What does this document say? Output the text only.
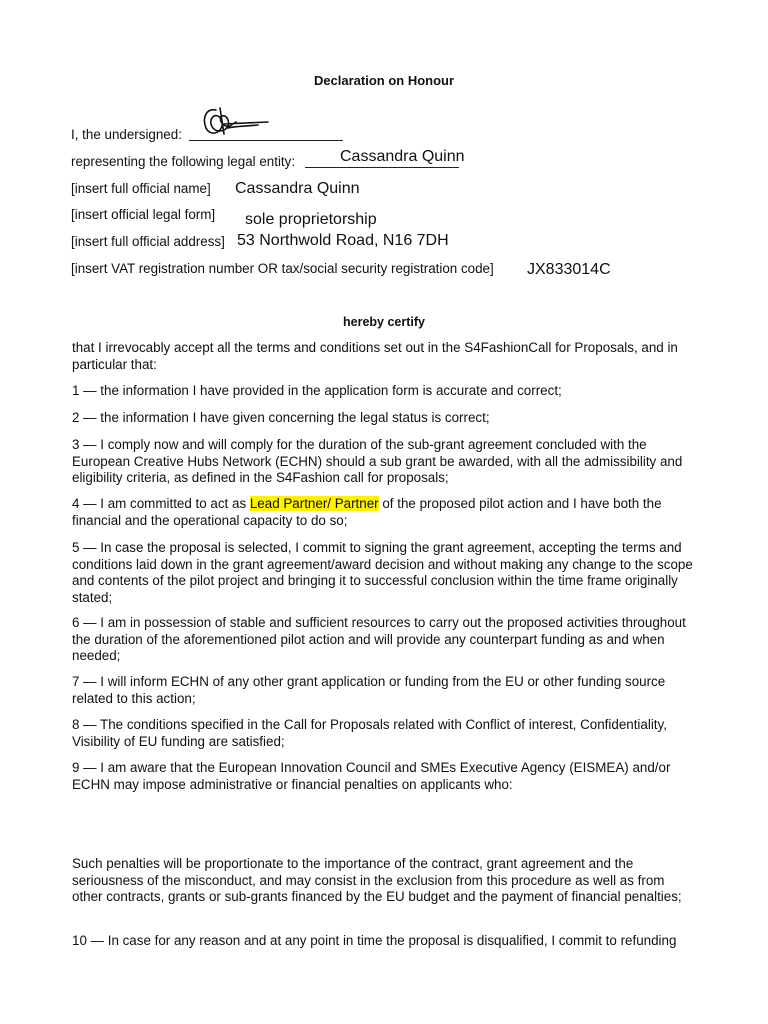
Declaration on Honour
I, the undersigned:
representing the following legal entity:	Cassandra Quinn
[insert full official name] Cassandra Quinn
[insert official legal form] sole proprietorship
[insert full official address] 53 Northwold Road, N16 7DH
[insert VAT registration number OR tax/social security registration code] JX833014C
hereby certify
that I irrevocably accept all the terms and conditions set out in the S4FashionCall for Proposals, and in particular that:
1 — the information I have provided in the application form is accurate and correct;
2 — the information I have given concerning the legal status is correct;
3 — I comply now and will comply for the duration of the sub-grant agreement concluded with the European Creative Hubs Network (ECHN) should a sub grant be awarded, with all the admissibility and eligibility criteria, as defined in the S4Fashion call for proposals;
4 — I am committed to act as Lead Partner/ Partner of the proposed pilot action and I have both the financial and the operational capacity to do so;
5 — In case the proposal is selected, I commit to signing the grant agreement, accepting the terms and conditions laid down in the grant agreement/award decision and without making any change to the scope and contents of the pilot project and bringing it to successful conclusion within the time frame originally stated;
6 — I am in possession of stable and sufficient resources to carry out the proposed activities throughout the duration of the aforementioned pilot action and will provide any counterpart funding as and when needed;
7 — I will inform ECHN of any other grant application or funding from the EU or other funding source related to this action;
8 — The conditions specified in the Call for Proposals related with Conflict of interest, Confidentiality, Visibility of EU funding are satisfied;
9 — I am aware that the European Innovation Council and SMEs Executive Agency (EISMEA) and/or ECHN may impose administrative or financial penalties on applicants who:
Such penalties will be proportionate to the importance of the contract, grant agreement and the seriousness of the misconduct, and may consist in the exclusion from this procedure as well as from other contracts, grants or sub-grants financed by the EU budget and the payment of financial penalties;
10 — In case for any reason and at any point in time the proposal is disqualified, I commit to refunding
